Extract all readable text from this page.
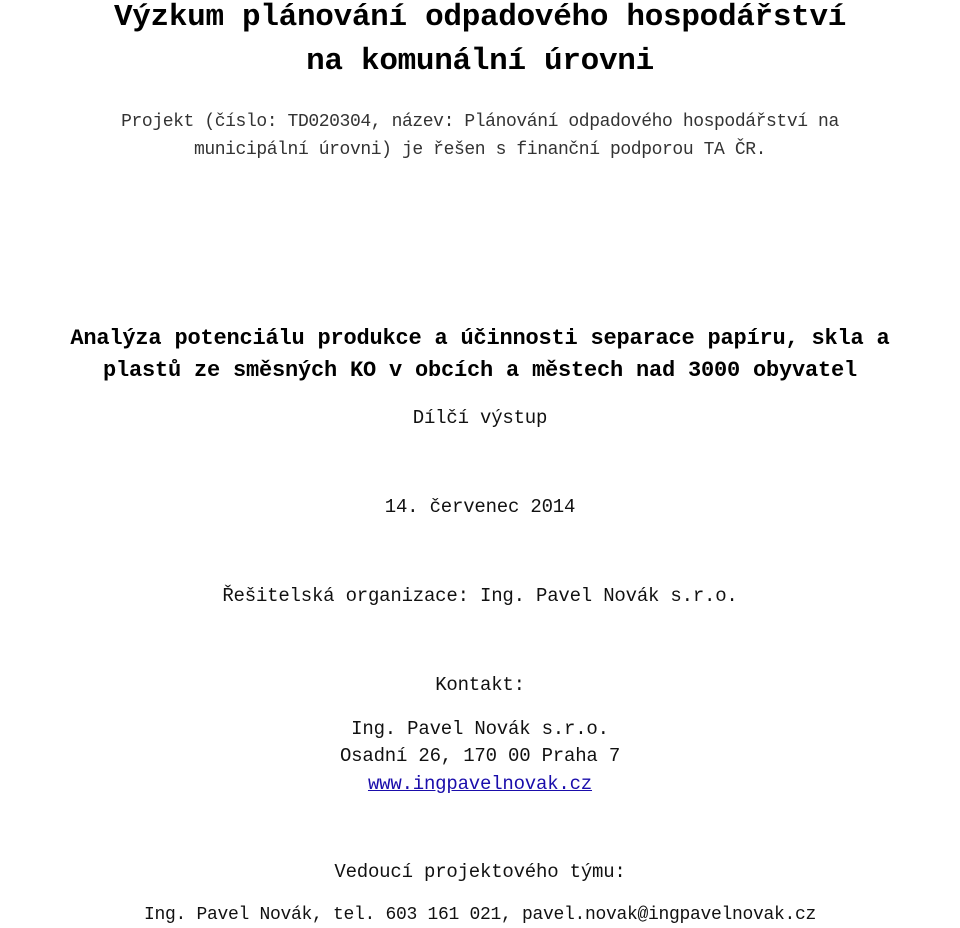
Výzkum plánování odpadového hospodářství

na komunální úrovni

Projekt (číslo: TD020304, název: Plánování odpadového hospodářství na

municipální úrovni) je řešen s finanční podporou TA ČR.

Analýza potenciálu produkce a účinnosti separace papíru, skla a

plastů ze směsných KO v obcích a městech nad 3000 obyvatel

Dílčí výstup

14. červenec 2014

Řešitelská organizace: Ing. Pavel Novák s.r.o.

Kontakt:

Ing. Pavel Novák s.r.o.

Osadní 26, 170 00 Praha 7

www.ingpavelnovak.cz

Vedoucí projektového týmu:

Ing. Pavel Novák, tel. 603 161 021, pavel.novak@ingpavelnovak.cz
